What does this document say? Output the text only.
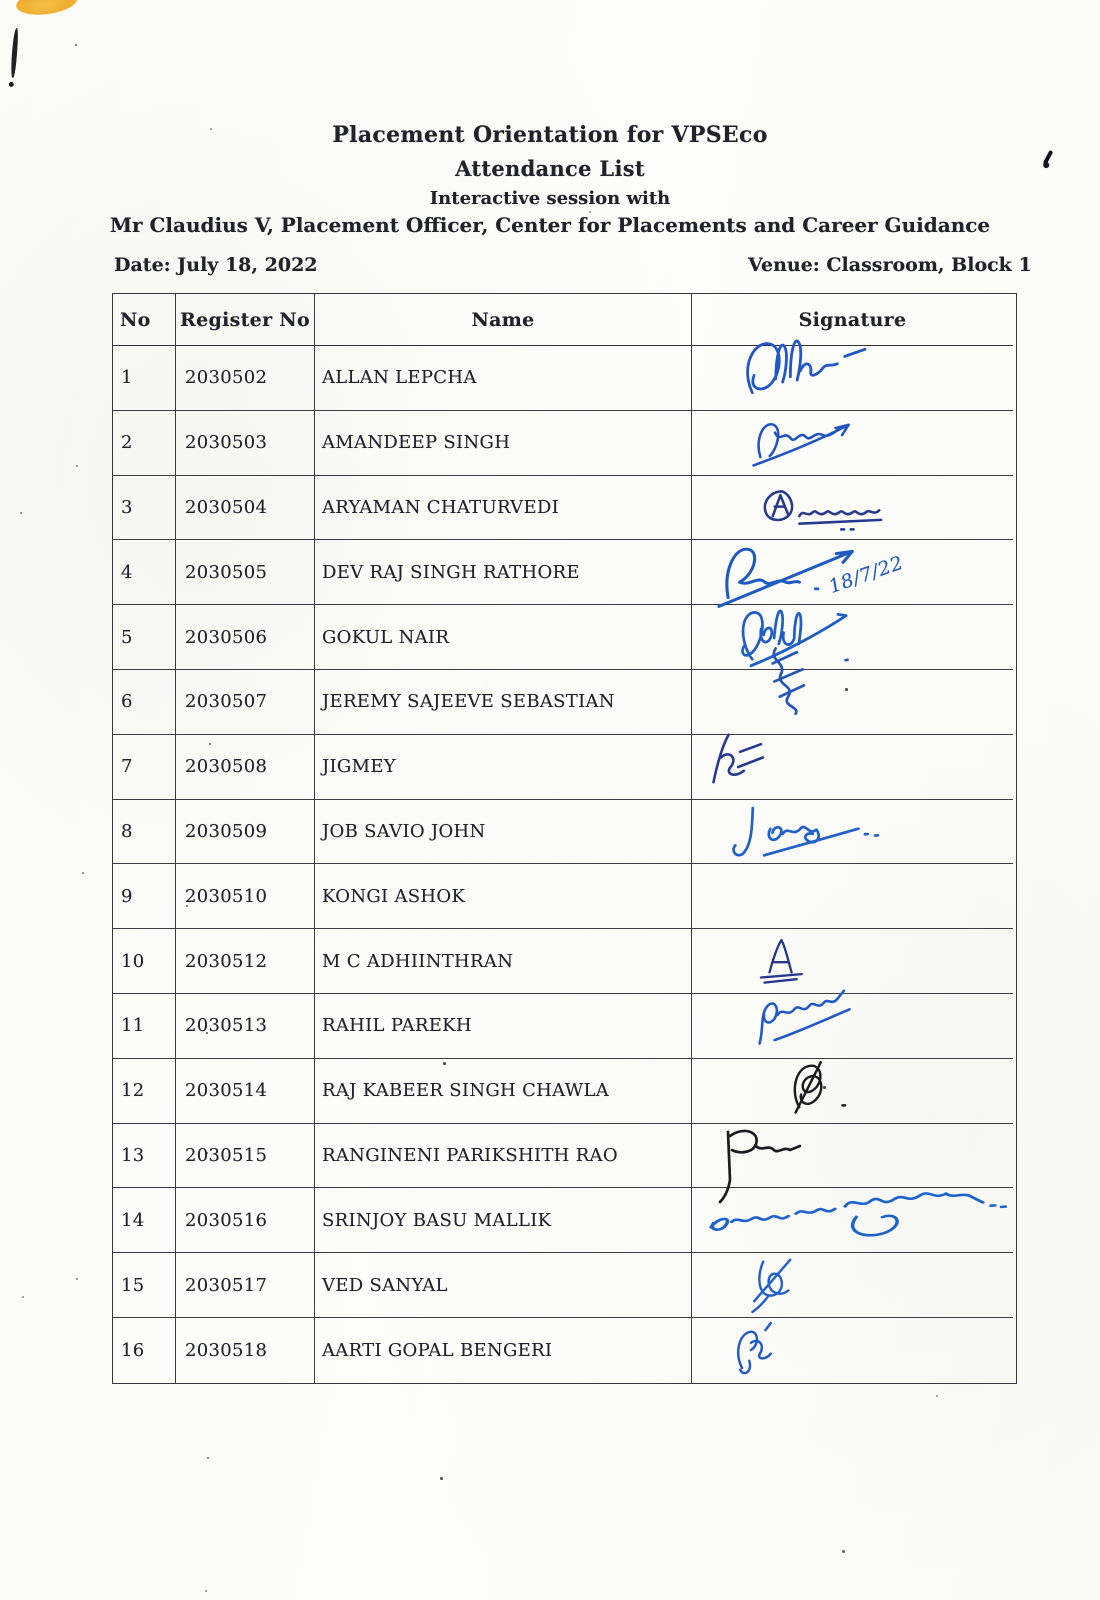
Placement Orientation for VPSEco
Attendance List
Interactive session with
Mr Claudius V, Placement Officer, Center for Placements and Career Guidance
Date: July 18, 2022	Venue: Classroom, Block 1
No	Register No	Name	Signature
1	2030502	ALLAN LEPCHA
2	2030503	AMANDEEP SINGH
3	2030504	ARYAMAN CHATURVEDI
4	2030505	DEV RAJ SINGH RATHORE	18/7/22
5	2030506	GOKUL NAIR
6	2030507	JEREMY SAJEEVE SEBASTIAN
7	2030508	JIGMEY
8	2030509	JOB SAVIO JOHN
9	2030510	KONGI ASHOK
10	2030512	M C ADHIINTHRAN
11	2030513	RAHIL PAREKH
12	2030514	RAJ KABEER SINGH CHAWLA
13	2030515	RANGINENI PARIKSHITH RAO
14	2030516	SRINJOY BASU MALLIK
15	2030517	VED SANYAL
16	2030518	AARTI GOPAL BENGERI
